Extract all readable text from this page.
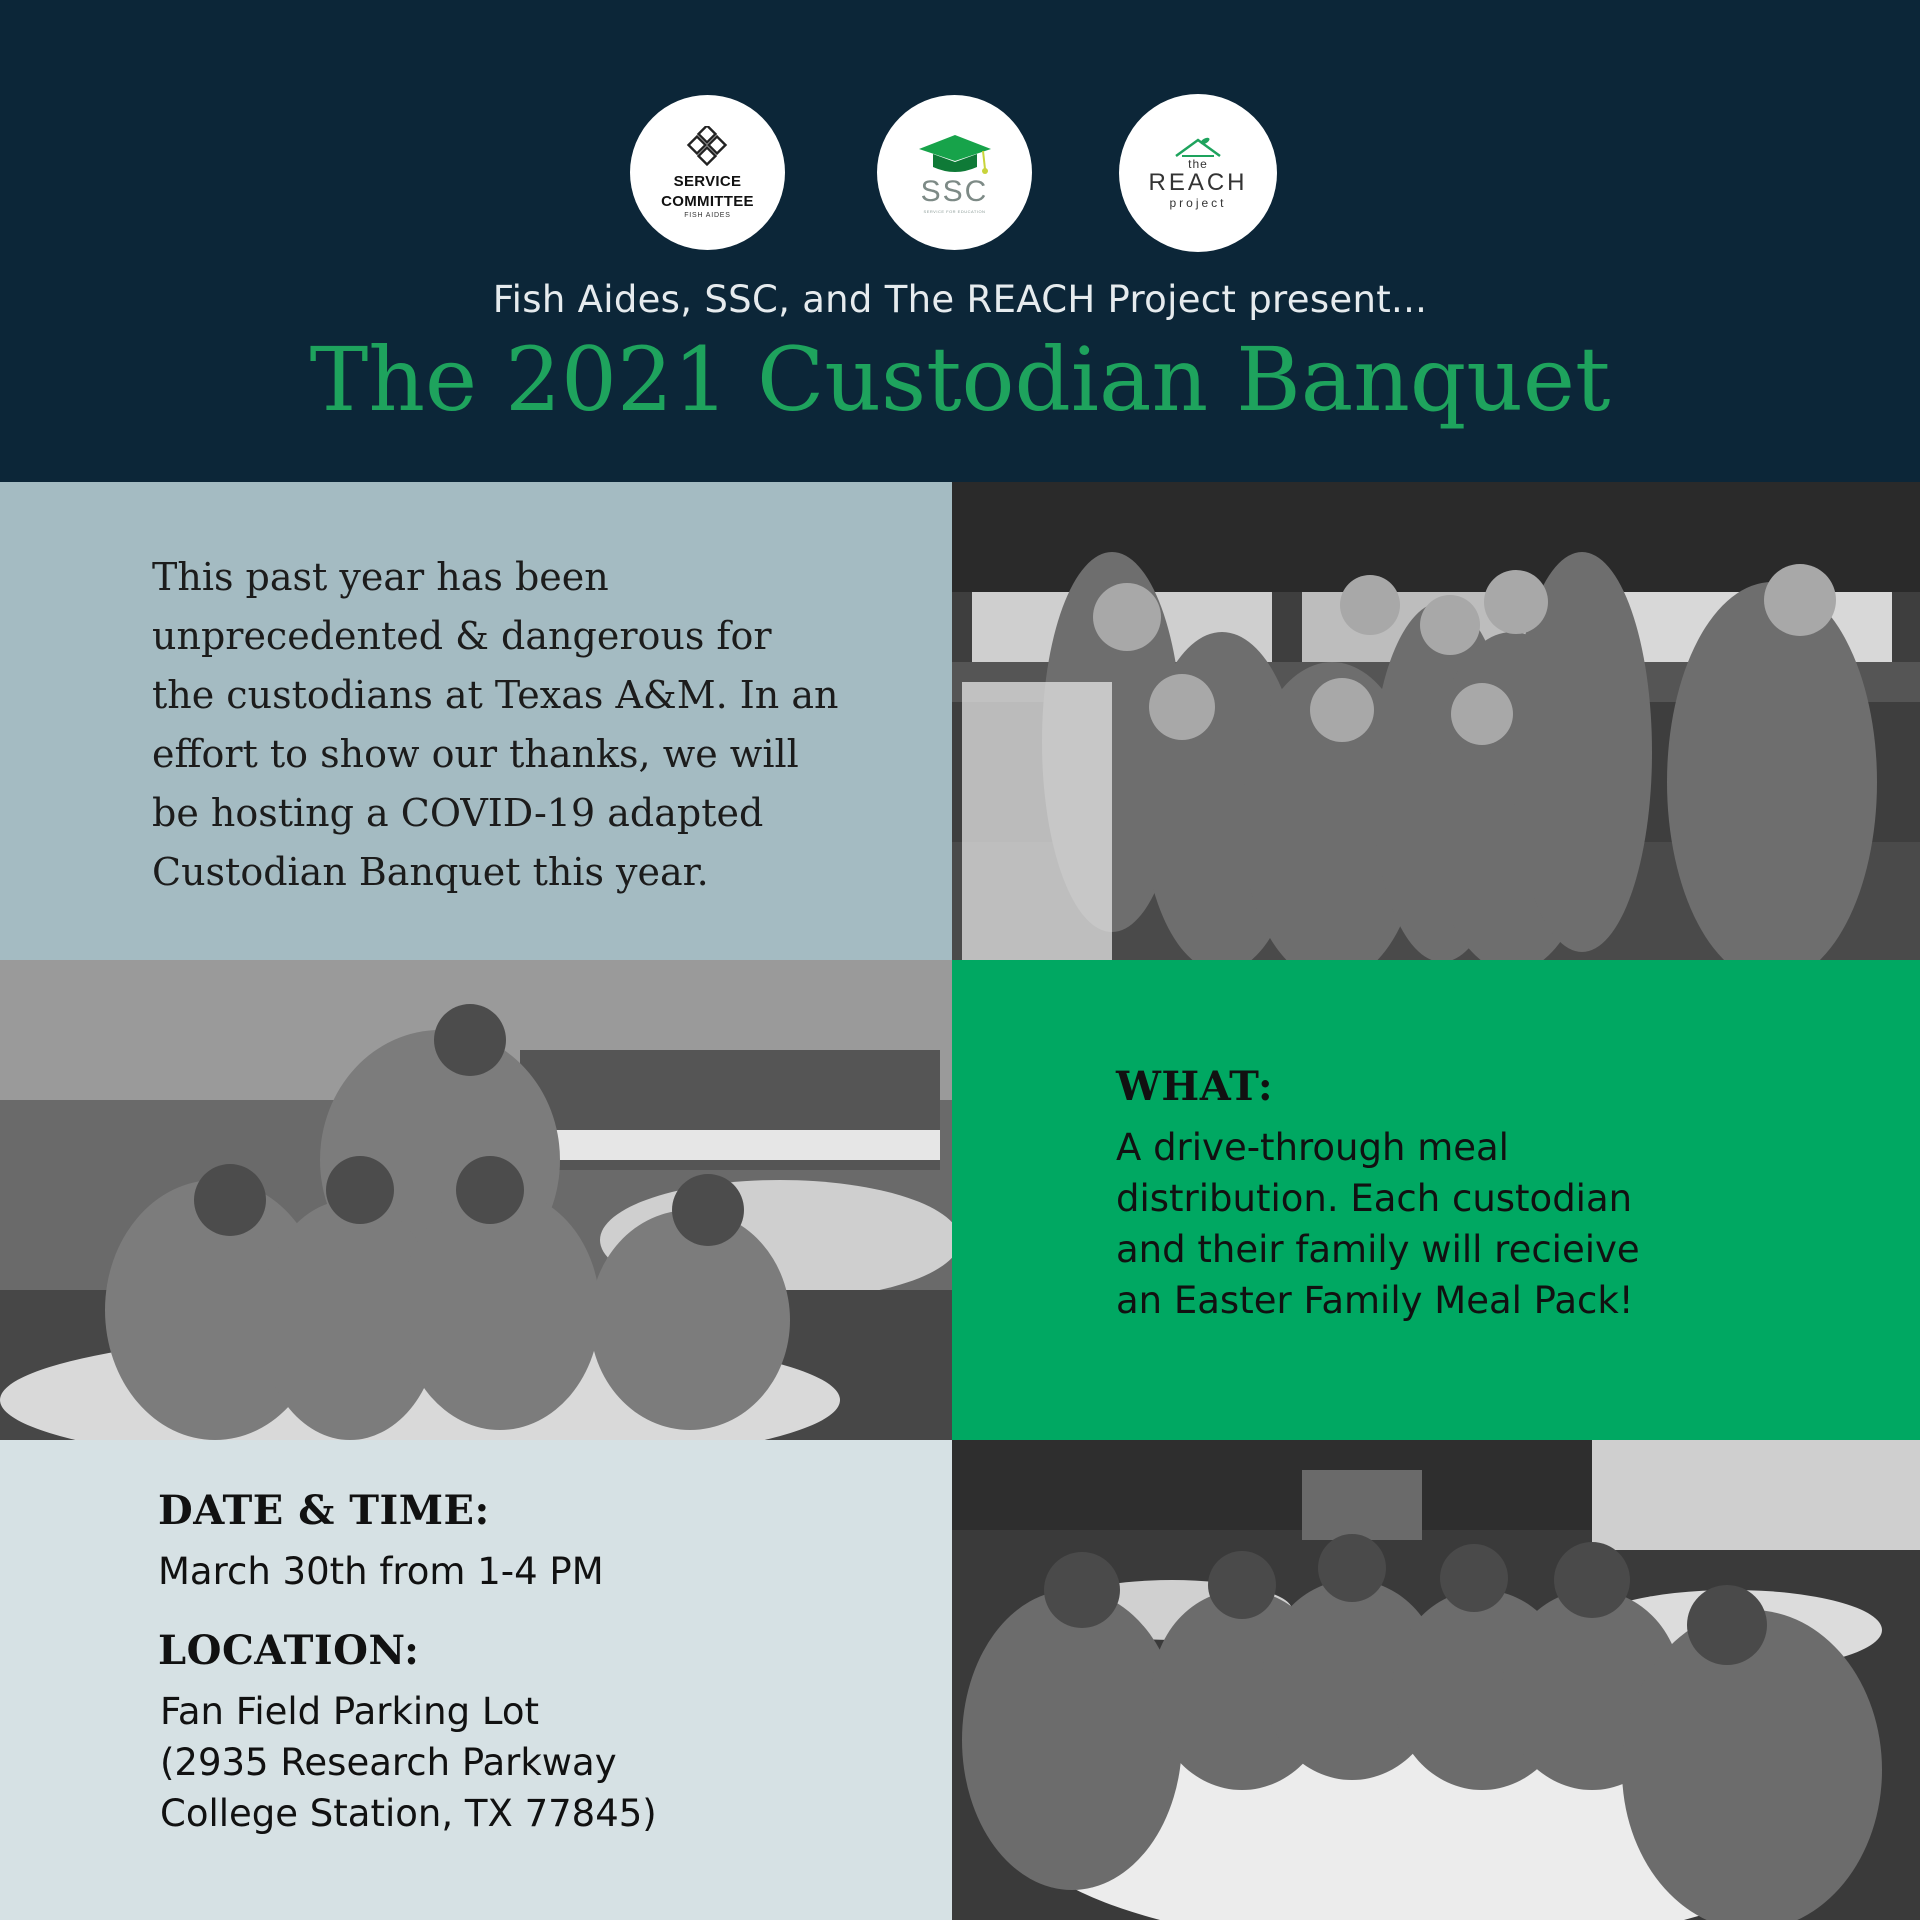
SERVICE
COMMITTEE
FISH AIDES
SSC
SERVICE FOR EDUCATION
the
REACH
project
Fish Aides, SSC, and The REACH Project present...
The 2021 Custodian Banquet
This past year has been
unprecedented & dangerous for
the custodians at Texas A&M. In an
effort to show our thanks, we will
be hosting a COVID-19 adapted
Custodian Banquet this year.
WHAT:
A drive-through meal
distribution. Each custodian
and their family will recieive
an Easter Family Meal Pack!
DATE & TIME:
March 30th from 1-4 PM
LOCATION:
Fan Field Parking Lot
(2935 Research Parkway
College Station, TX 77845)
